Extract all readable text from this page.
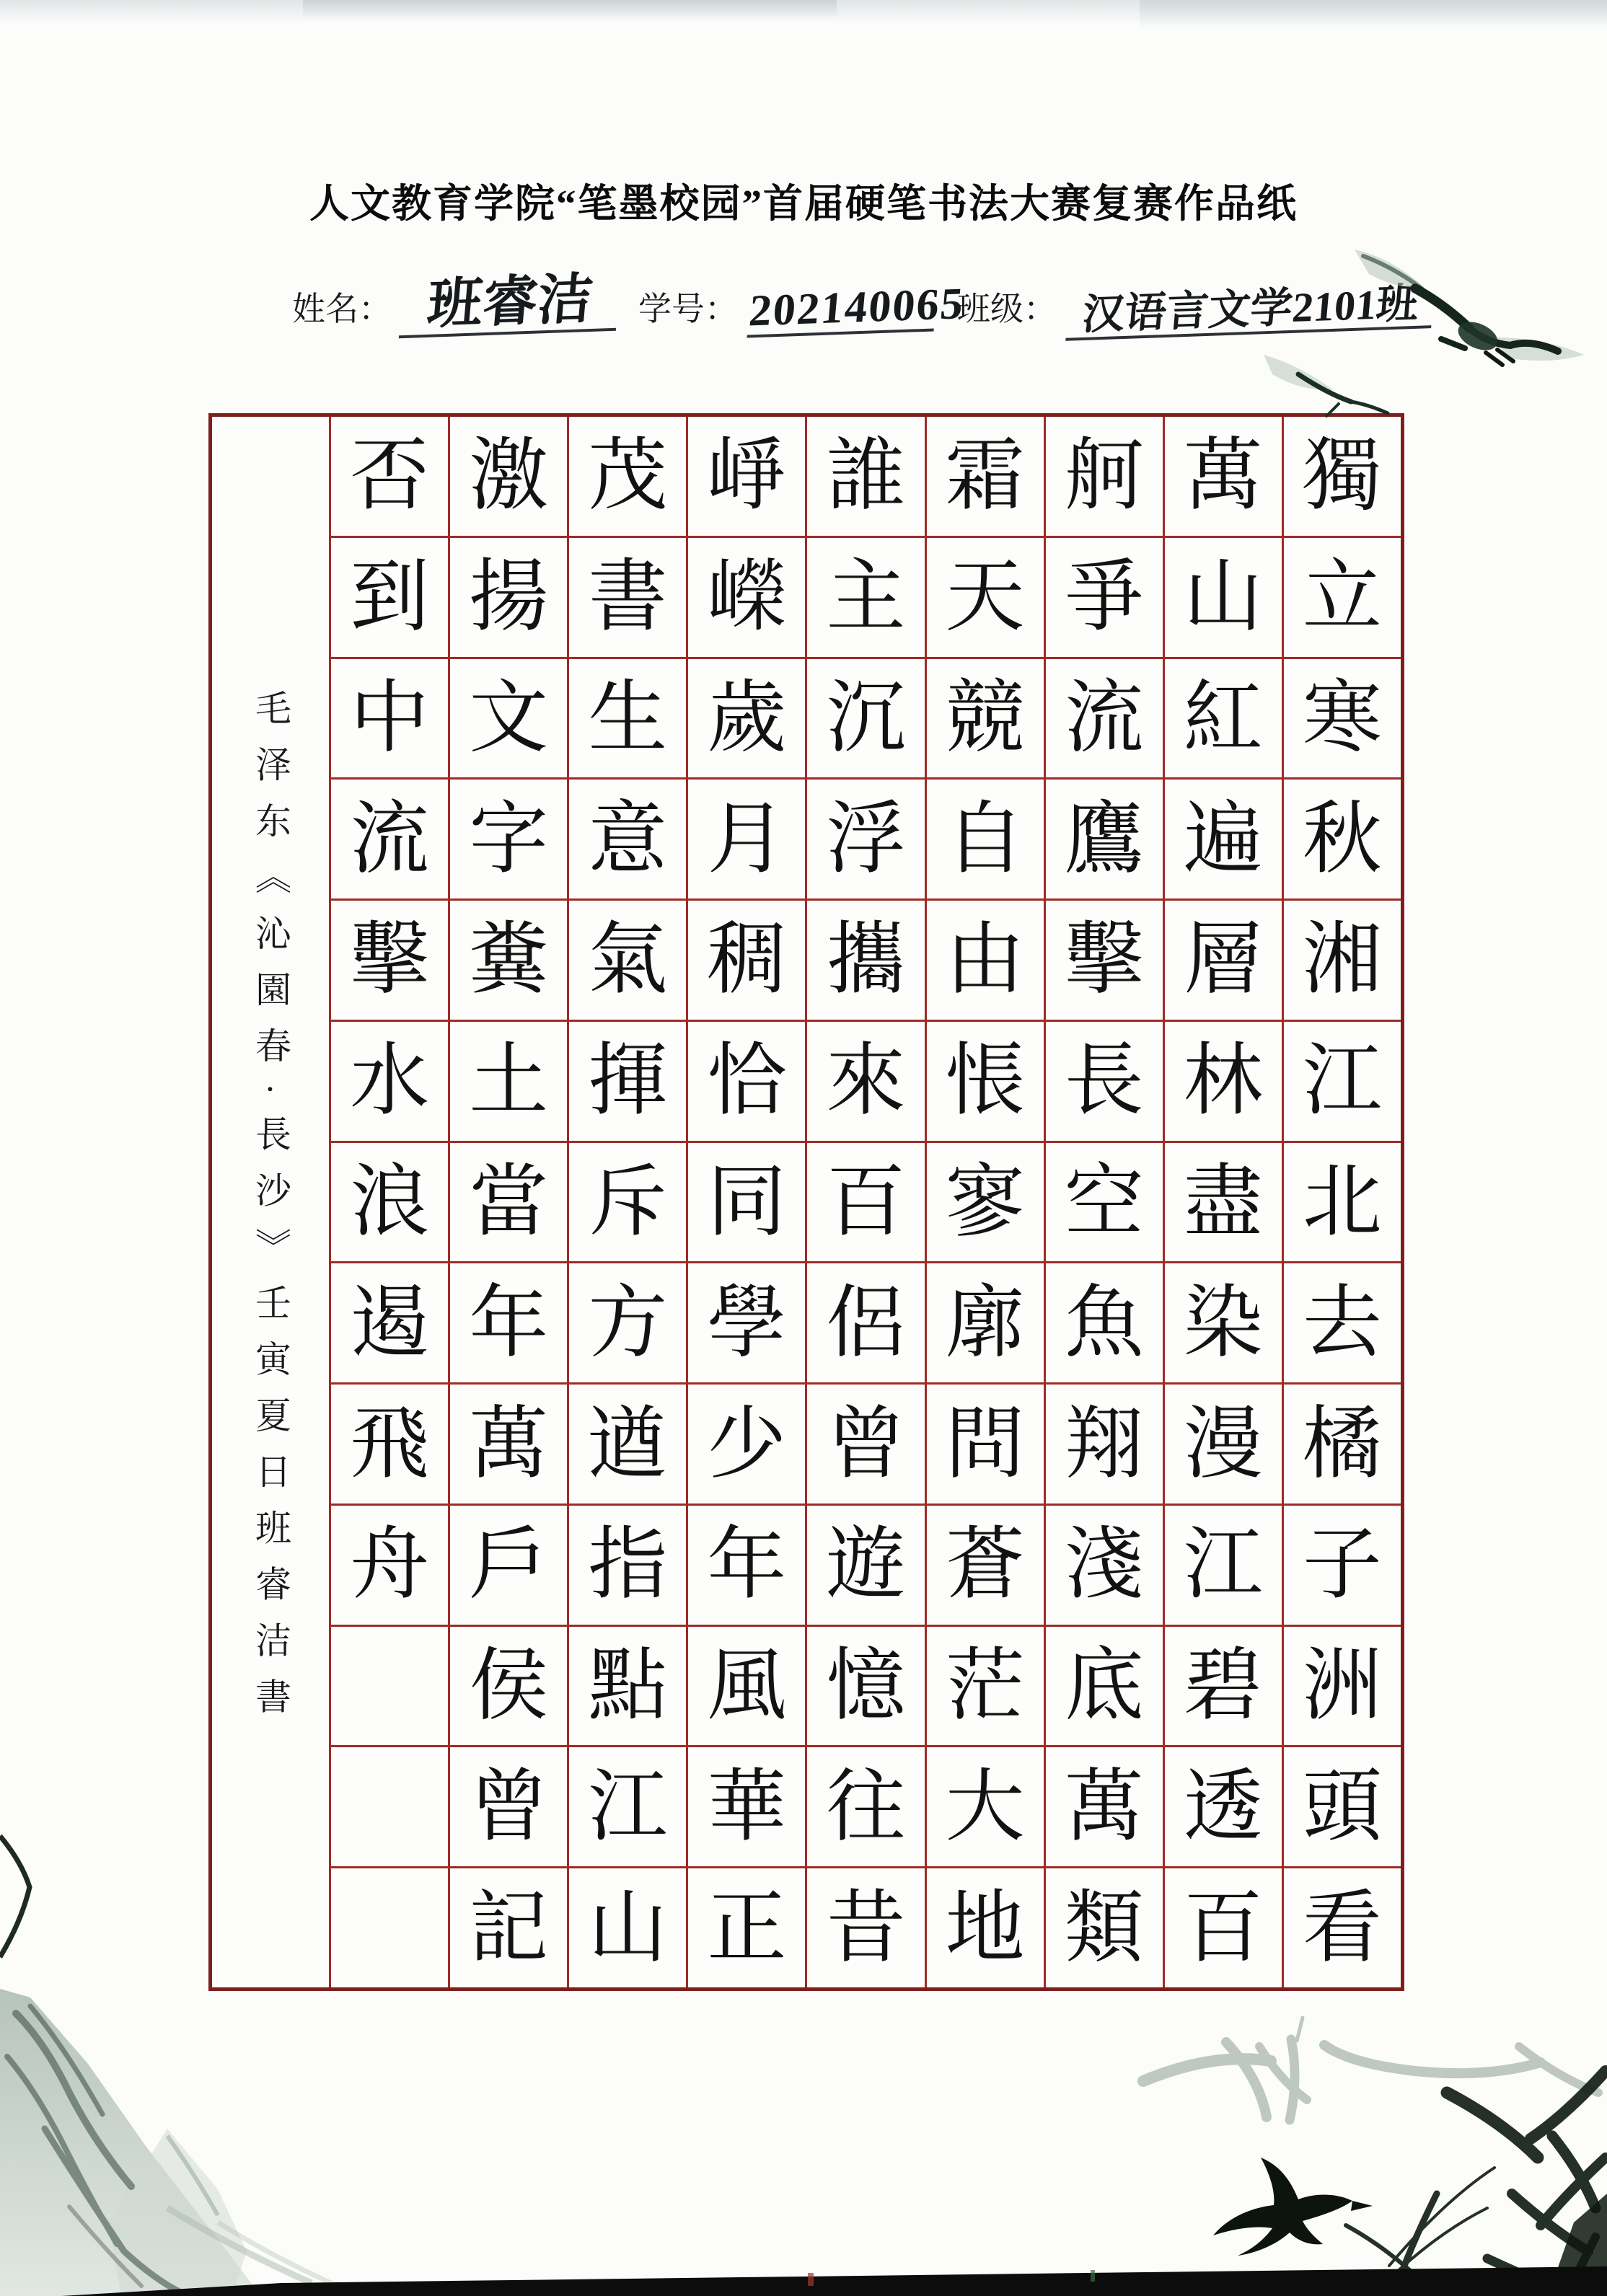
人文教育学院“笔墨校园”首届硬笔书法大赛复赛作品纸
姓名： 班睿洁	学号： 202140065
班级： 汉语言文学2101班
毛泽东《沁園春·長沙》壬寅夏日班睿洁書
否
到
中
流
擊
水
浪
遏
飛
舟
激
揚
文
字
糞
土
當
年
萬
戶
侯
曾
記
茂
書
生
意
氣
揮
斥
方
遒
指
點
江
山
崢
嶸
歲
月
稠
恰
同
學
少
年
風
華
正
誰
主
沉
浮
攜
來
百
侶
曾
遊
憶
往
昔
霜
天
競
自
由
悵
寥
廓
問
蒼
茫
大
地
舸
爭
流
鷹
擊
長
空
魚
翔
淺
底
萬
類
萬
山
紅
遍
層
林
盡
染
漫
江
碧
透
百
獨
立
寒
秋
湘
江
北
去
橘
子
洲
頭
看
